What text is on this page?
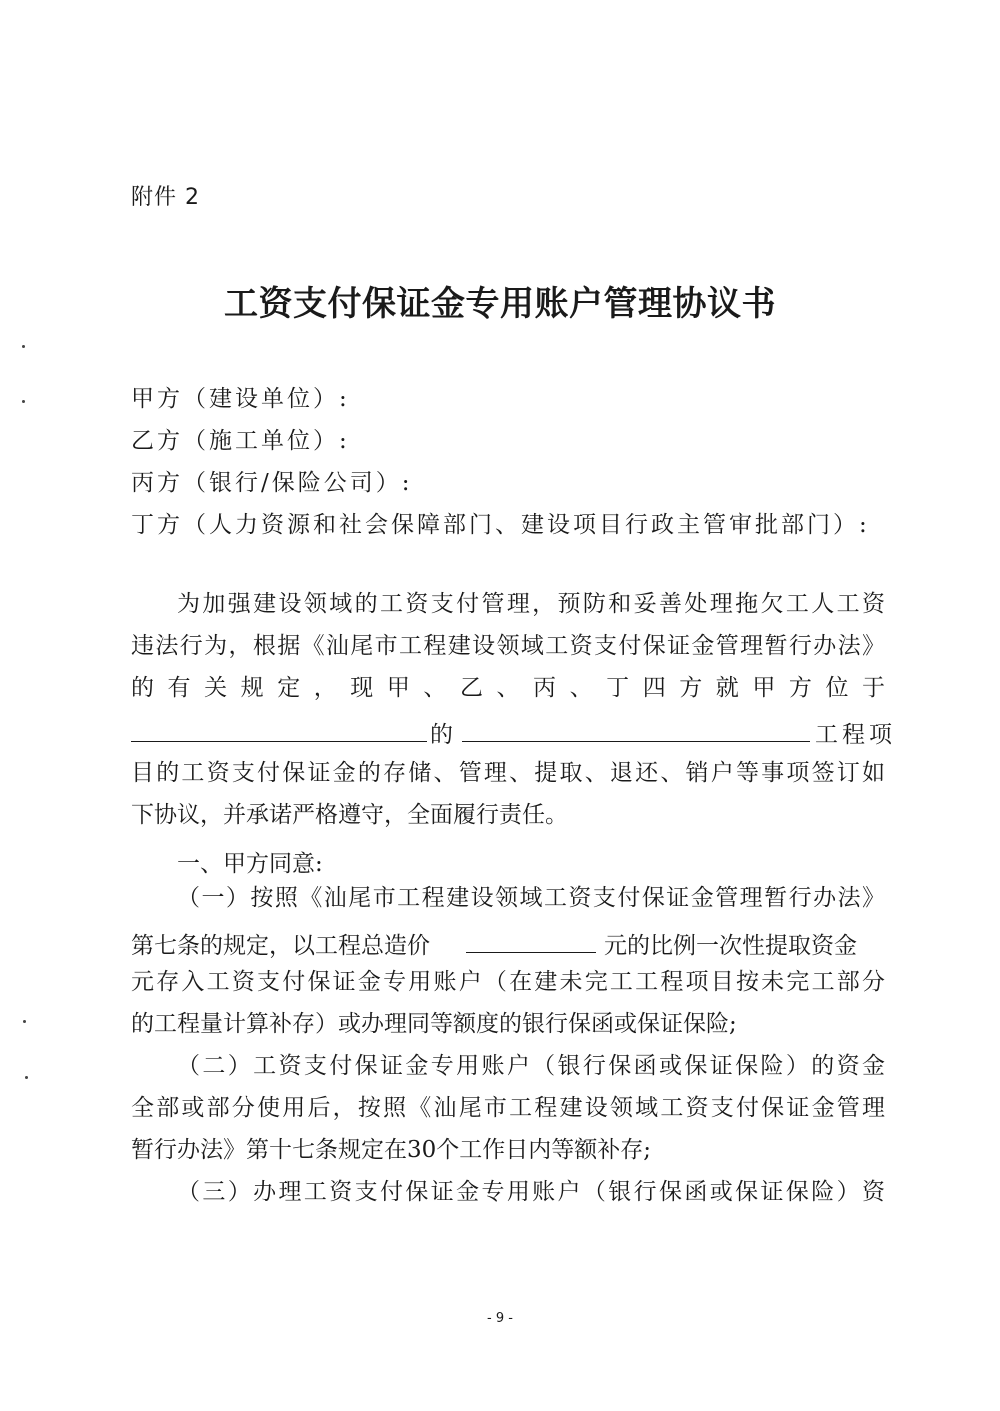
附件 2
工资支付保证金专用账户管理协议书
甲方（建设单位）:
乙方（施工单位）:
丙方（银行/保险公司）:
丁方（人力资源和社会保障部门、建设项目行政主管审批部门）:
为加强建设领域的工资支付管理，预防和妥善处理拖欠工人工资
违法行为，根据《汕尾市工程建设领域工资支付保证金管理暂行办法》
的有关规定，现甲、乙、丙、丁四方就甲方位于
的	工程项
目的工资支付保证金的存储、管理、提取、退还、销户等事项签订如
下协议，并承诺严格遵守，全面履行责任。
一、甲方同意:
（一）按照《汕尾市工程建设领域工资支付保证金管理暂行办法》
第七条的规定，以工程总造价	元的比例一次性提取资金
元存入工资支付保证金专用账户（在建未完工工程项目按未完工部分
的工程量计算补存）或办理同等额度的银行保函或保证保险;
（二）工资支付保证金专用账户（银行保函或保证保险）的资金
全部或部分使用后，按照《汕尾市工程建设领域工资支付保证金管理
暂行办法》第十七条规定在30个工作日内等额补存;
（三）办理工资支付保证金专用账户（银行保函或保证保险）资
- 9 -
